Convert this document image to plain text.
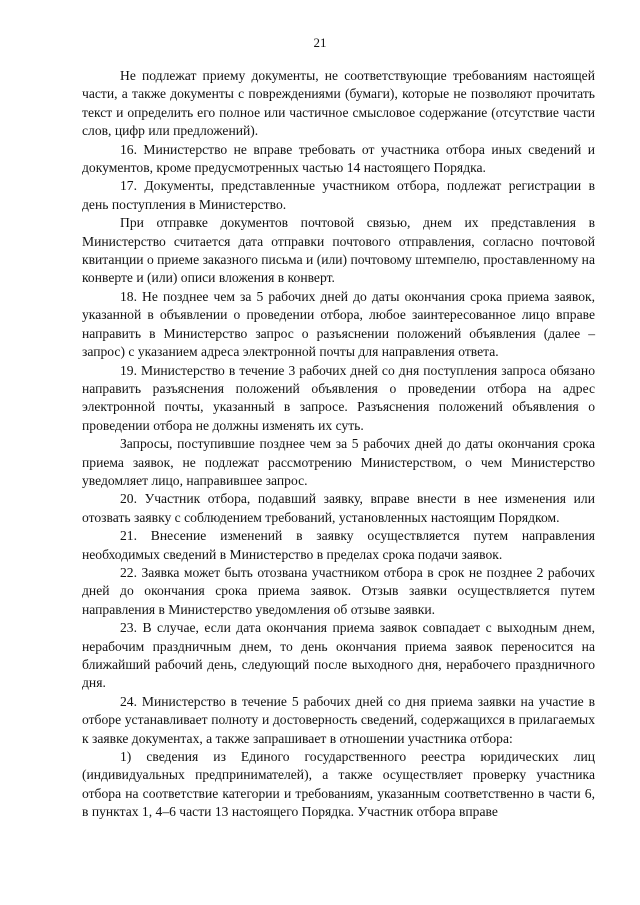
21

Не подлежат приему документы, не соответствующие требованиям настоящей части, а также документы с повреждениями (бумаги), которые не позволяют прочитать текст и определить его полное или частичное смысловое содержание (отсутствие части слов, цифр или предложений).

16. Министерство не вправе требовать от участника отбора иных сведений и документов, кроме предусмотренных частью 14 настоящего Порядка.

17. Документы, представленные участником отбора, подлежат регистрации в день поступления в Министерство.

При отправке документов почтовой связью, днем их представления в Министерство считается дата отправки почтового отправления, согласно почтовой квитанции о приеме заказного письма и (или) почтовому штемпелю, проставленному на конверте и (или) описи вложения в конверт.

18. Не позднее чем за 5 рабочих дней до даты окончания срока приема заявок, указанной в объявлении о проведении отбора, любое заинтересованное лицо вправе направить в Министерство запрос о разъяснении положений объявления (далее – запрос) с указанием адреса электронной почты для направления ответа.

19. Министерство в течение 3 рабочих дней со дня поступления запроса обязано направить разъяснения положений объявления о проведении отбора на адрес электронной почты, указанный в запросе. Разъяснения положений объявления о проведении отбора не должны изменять их суть.

Запросы, поступившие позднее чем за 5 рабочих дней до даты окончания срока приема заявок, не подлежат рассмотрению Министерством, о чем Министерство уведомляет лицо, направившее запрос.

20. Участник отбора, подавший заявку, вправе внести в нее изменения или отозвать заявку с соблюдением требований, установленных настоящим Порядком.

21. Внесение изменений в заявку осуществляется путем направления необходимых сведений в Министерство в пределах срока подачи заявок.

22. Заявка может быть отозвана участником отбора в срок не позднее 2 рабочих дней до окончания срока приема заявок. Отзыв заявки осуществляется путем направления в Министерство уведомления об отзыве заявки.

23. В случае, если дата окончания приема заявок совпадает с выходным днем, нерабочим праздничным днем, то день окончания приема заявок переносится на ближайший рабочий день, следующий после выходного дня, нерабочего праздничного дня.

24. Министерство в течение 5 рабочих дней со дня приема заявки на участие в отборе устанавливает полноту и достоверность сведений, содержащихся в прилагаемых к заявке документах, а также запрашивает в отношении участника отбора:

1) сведения из Единого государственного реестра юридических лиц (индивидуальных предпринимателей), а также осуществляет проверку участника отбора на соответствие категории и требованиям, указанным соответственно в части 6, в пунктах 1, 4–6 части 13 настоящего Порядка. Участник отбора вправе
